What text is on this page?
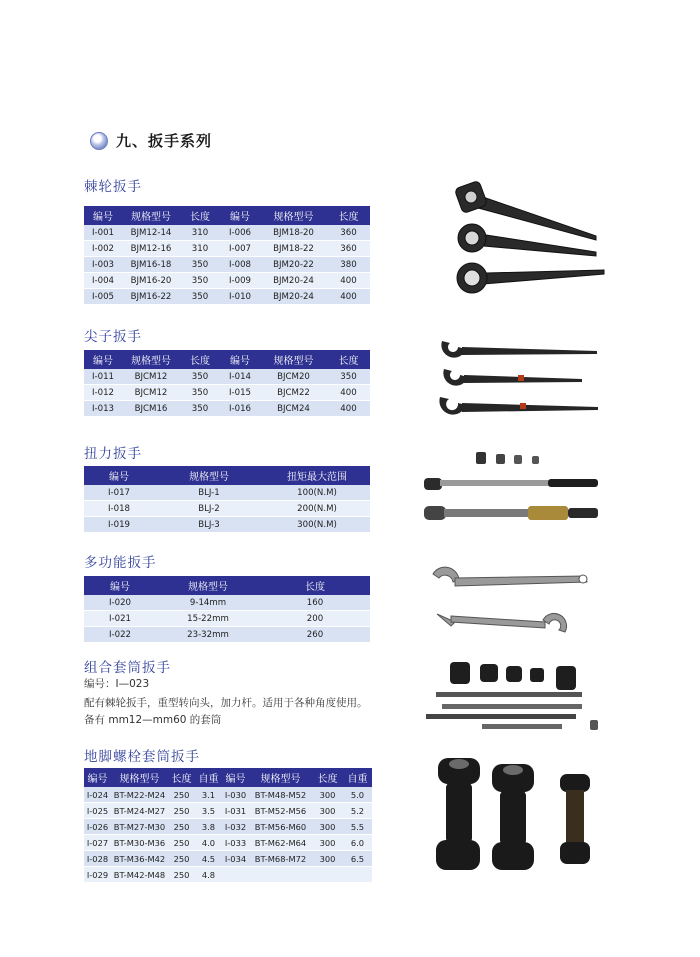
九、扳手系列
棘轮扳手
编号	规格型号	长度	编号	规格型号	长度
I-001	BJM12-14	310	I-006	BJM18-20	360
I-002	BJM12-16	310	I-007	BJM18-22	360
I-003	BJM16-18	350	I-008	BJM20-22	380
I-004	BJM16-20	350	I-009	BJM20-24	400
I-005	BJM16-22	350	I-010	BJM20-24	400
尖子扳手
编号	规格型号	长度	编号	规格型号	长度
I-011	BJCM12	350	I-014	BJCM20	350
I-012	BJCM12	350	I-015	BJCM22	400
I-013	BJCM16	350	I-016	BJCM24	400
扭力扳手
编号	规格型号	扭矩最大范围
I-017	BLJ-1	100(N.M)
I-018	BLJ-2	200(N.M)
I-019	BLJ-3	300(N.M)
多功能扳手
编号	规格型号	长度
I-020	9-14mm	160
I-021	15-22mm	200
I-022	23-32mm	260
组合套筒扳手
编号：I—023
配有棘轮扳手，重型转向头，加力杆。适用于各种角度使用。
备有 mm12—mm60 的套筒
地脚螺栓套筒扳手
编号	规格型号	长度	自重	编号	规格型号	长度	自重
I-024	BT-M22-M24	250	3.1	I-030	BT-M48-M52	300	5.0
I-025	BT-M24-M27	250	3.5	I-031	BT-M52-M56	300	5.2
I-026	BT-M27-M30	250	3.8	I-032	BT-M56-M60	300	5.5
I-027	BT-M30-M36	250	4.0	I-033	BT-M62-M64	300	6.0
I-028	BT-M36-M42	250	4.5	I-034	BT-M68-M72	300	6.5
I-029	BT-M42-M48	250	4.8				
